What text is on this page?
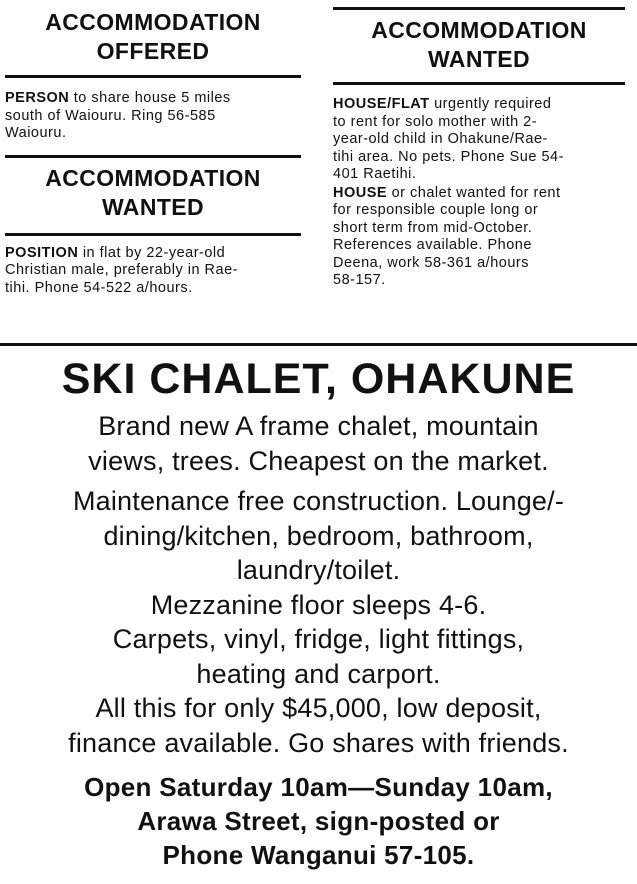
ACCOMMODATION
OFFERED

PERSON to share house 5 miles
south of Waiouru. Ring 56-585
Waiouru.

ACCOMMODATION
WANTED

POSITION in flat by 22-year-old
Christian male, preferably in Rae-
tihi. Phone 54-522 a/hours.

ACCOMMODATION
WANTED

HOUSE/FLAT urgently required
to rent for solo mother with 2-
year-old child in Ohakune/Rae-
tihi area. No pets. Phone Sue 54-
401 Raetihi.

HOUSE or chalet wanted for rent
for responsible couple long or
short term from mid-October.
References available. Phone
Deena, work 58-361 a/hours
58-157.

SKI CHALET, OHAKUNE
Brand new A frame chalet, mountain
views, trees. Cheapest on the market.
Maintenance free construction. Lounge/-
dining/kitchen, bedroom, bathroom,
laundry/toilet.
Mezzanine floor sleeps 4-6.
Carpets, vinyl, fridge, light fittings,
heating and carport.
All this for only $45,000, low deposit,
finance available. Go shares with friends.
Open Saturday 10am—Sunday 10am,
Arawa Street, sign-posted or
Phone Wanganui 57-105.
